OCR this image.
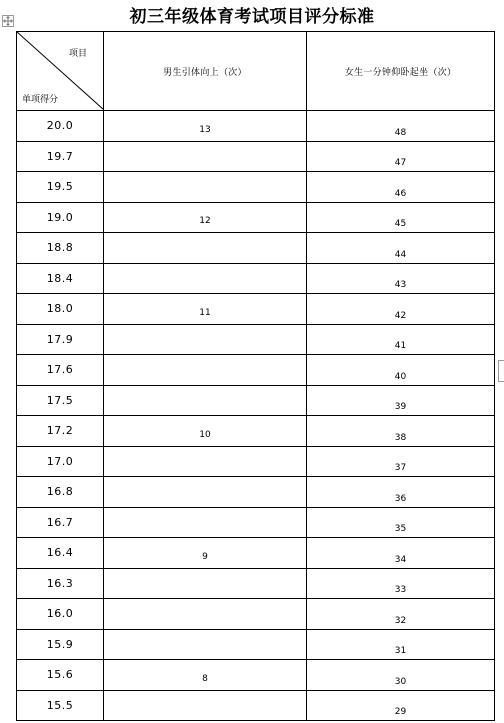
初三年级体育考试项目评分标准
项目
单项得分	男生引体向上（次）	女生一分钟仰卧起坐（次）
20.0	13	48
19.7		47
19.5		46
19.0	12	45
18.8		44
18.4		43
18.0	11	42
17.9		41
17.6		40
17.5		39
17.2	10	38
17.0		37
16.8		36
16.7		35
16.4	9	34
16.3		33
16.0		32
15.9		31
15.6	8	30
15.5		29
